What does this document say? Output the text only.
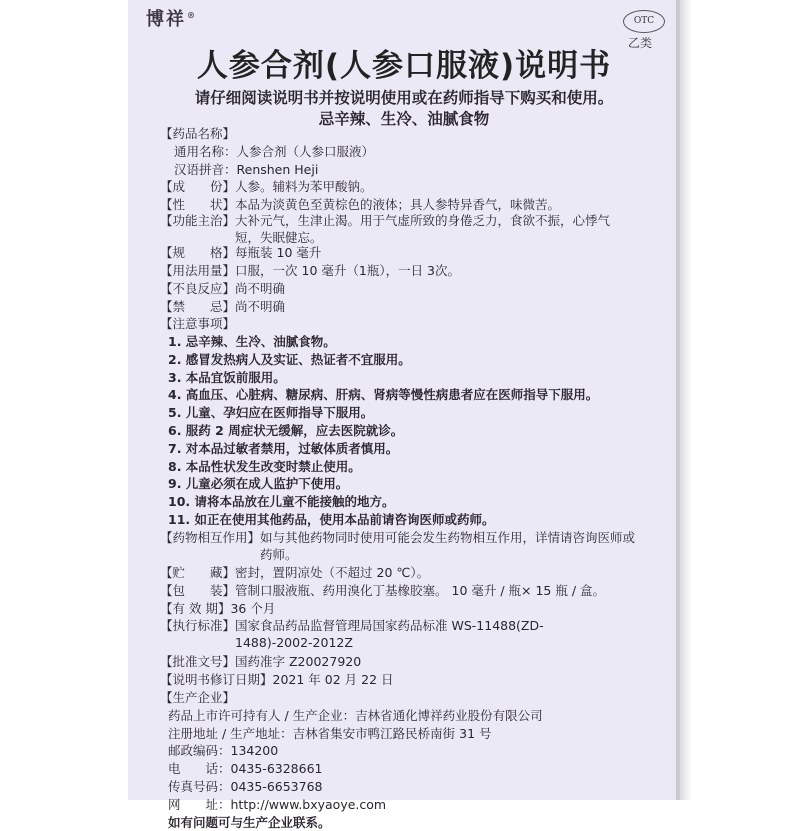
博祥®
OTC
乙类
人参合剂(人参口服液)说明书
请仔细阅读说明书并按说明使用或在药师指导下购买和使用。
忌辛辣、生冷、油腻食物
【药品名称】
通用名称：人参合剂（人参口服液）
汉语拼音：Renshen Heji
【成　　份】 人参。辅料为苯甲酸钠。
【性　　状】 本品为淡黄色至黄棕色的液体；具人参特异香气，味微苦。
【功能主治】 大补元气，生津止渴。用于气虚所致的身倦乏力，食欲不振，心悸气短，失眠健忘。
【规　　格】 每瓶装 10 毫升
【用法用量】 口服，一次 10 毫升（1瓶），一日 3次。
【不良反应】 尚不明确
【禁　　忌】 尚不明确
【注意事项】
1. 忌辛辣、生冷、油腻食物。
2. 感冒发热病人及实证、热证者不宜服用。
3. 本品宜饭前服用。
4. 高血压、心脏病、糖尿病、肝病、肾病等慢性病患者应在医师指导下服用。
5. 儿童、孕妇应在医师指导下服用。
6. 服药 2 周症状无缓解，应去医院就诊。
7. 对本品过敏者禁用，过敏体质者慎用。
8. 本品性状发生改变时禁止使用。
9. 儿童必须在成人监护下使用。
10. 请将本品放在儿童不能接触的地方。
11. 如正在使用其他药品，使用本品前请咨询医师或药师。
【药物相互作用】 如与其他药物同时使用可能会发生药物相互作用，详情请咨询医师或药师。
【贮　　藏】 密封，置阴凉处（不超过 20 ℃）。
【包　　装】 管制口服液瓶、药用溴化丁基橡胶塞。 10 毫升 / 瓶× 15 瓶 / 盒。
【有 效 期】 36 个月
【执行标准】 国家食品药品监督管理局国家药品标准 WS-11488(ZD-1488)-2002-2012Z
【批准文号】 国药准字 Z20027920
【说明书修订日期】 2021 年 02 月 22 日
【生产企业】
药品上市许可持有人 / 生产企业：吉林省通化博祥药业股份有限公司
注册地址 / 生产地址：吉林省集安市鸭江路民桥南街 31 号
邮政编码：134200
电　　话：0435-6328661
传真号码：0435-6653768
网　　址：http://www.bxyaoye.com
如有问题可与生产企业联系。
